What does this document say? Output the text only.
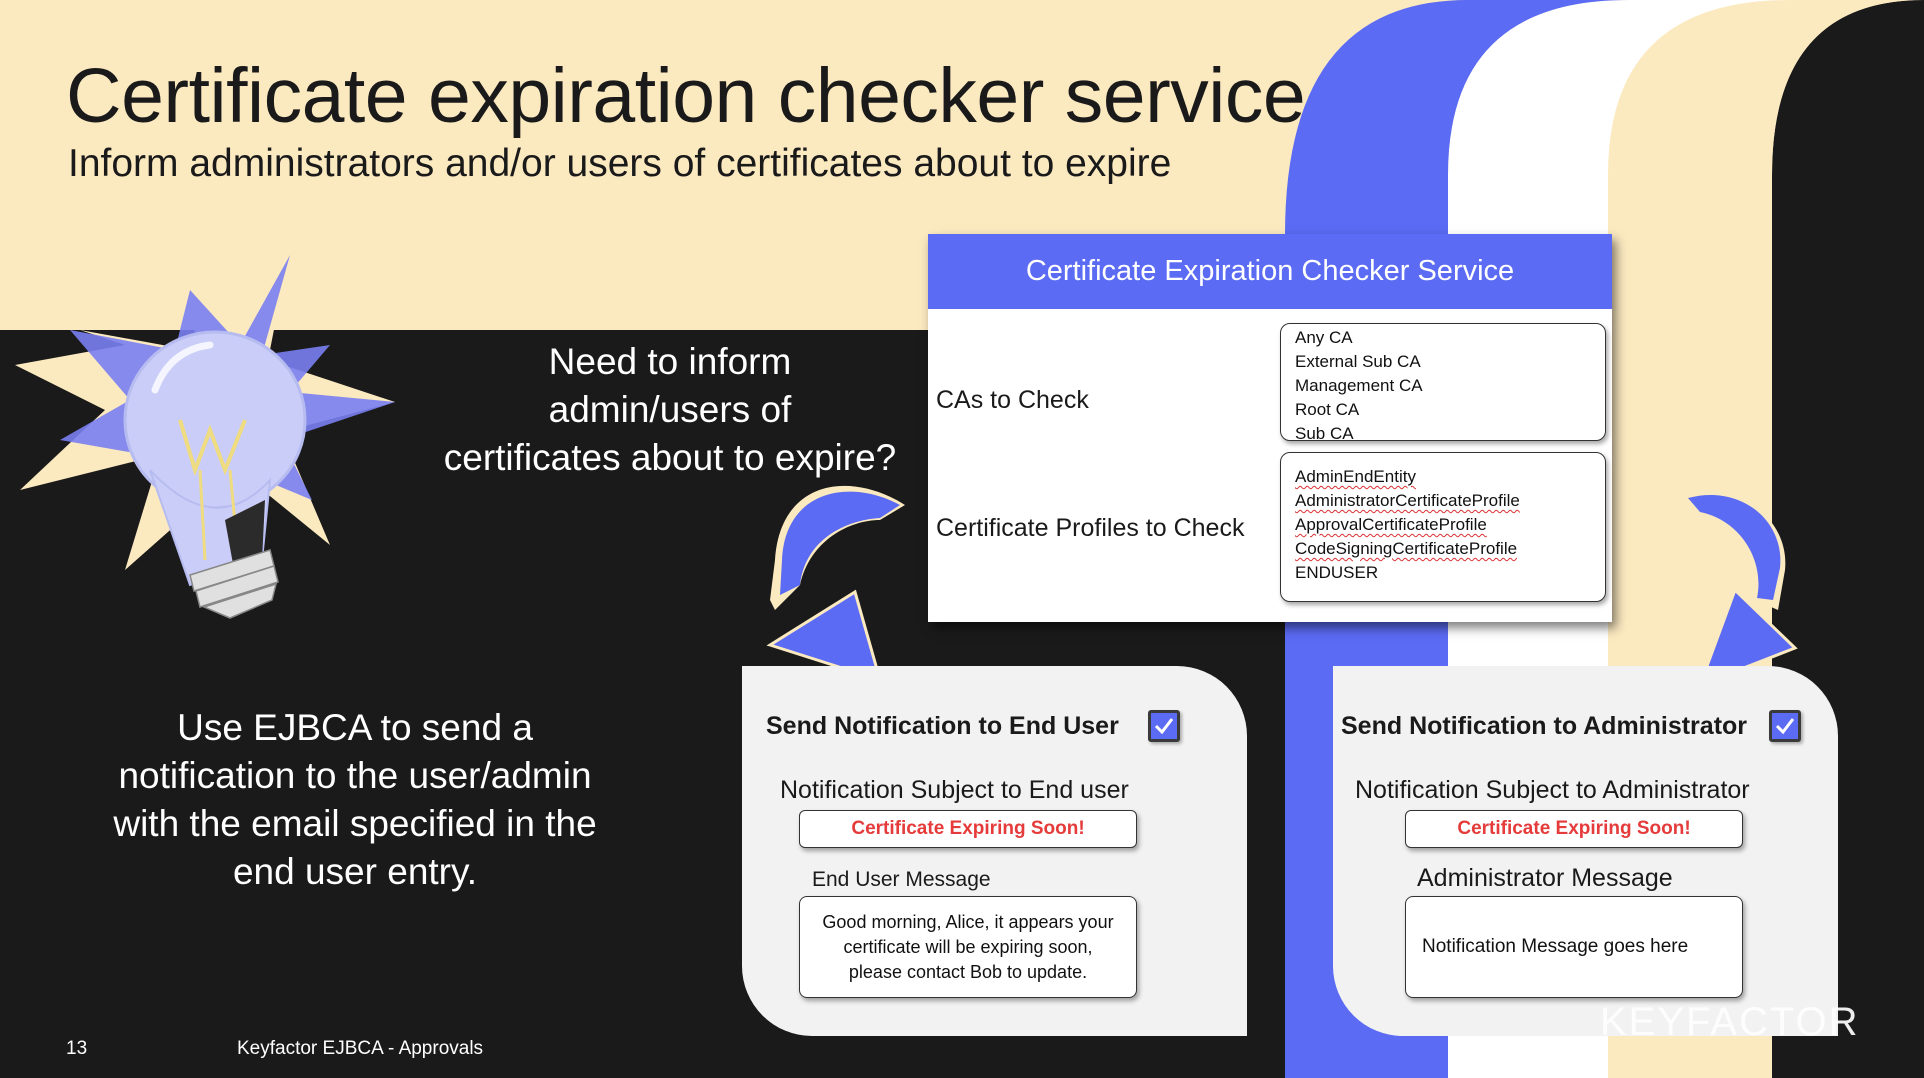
Certificate expiration checker service
Inform administrators and/or users of certificates about to expire
Need to inform
admin/users of
certificates about to expire?
Use EJBCA to send a
notification to the user/admin
with the email specified in the
end user entry.
Certificate Expiration Checker Service
CAs to Check
Any CA
External Sub CA
Management CA
Root CA
Sub CA
Certificate Profiles to Check
AdminEndEntity
AdministratorCertificateProfile
ApprovalCertificateProfile
CodeSigningCertificateProfile
ENDUSER
Send Notification to End User
Notification Subject to End user
Certificate Expiring Soon!
End User Message
Good morning, Alice, it appears your
certificate will be expiring soon,
please contact Bob to update.
Send Notification to Administrator
Notification Subject to Administrator
Certificate Expiring Soon!
Administrator Message
Notification Message goes here
13	Keyfactor EJBCA - Approvals
KEYFACTOR
